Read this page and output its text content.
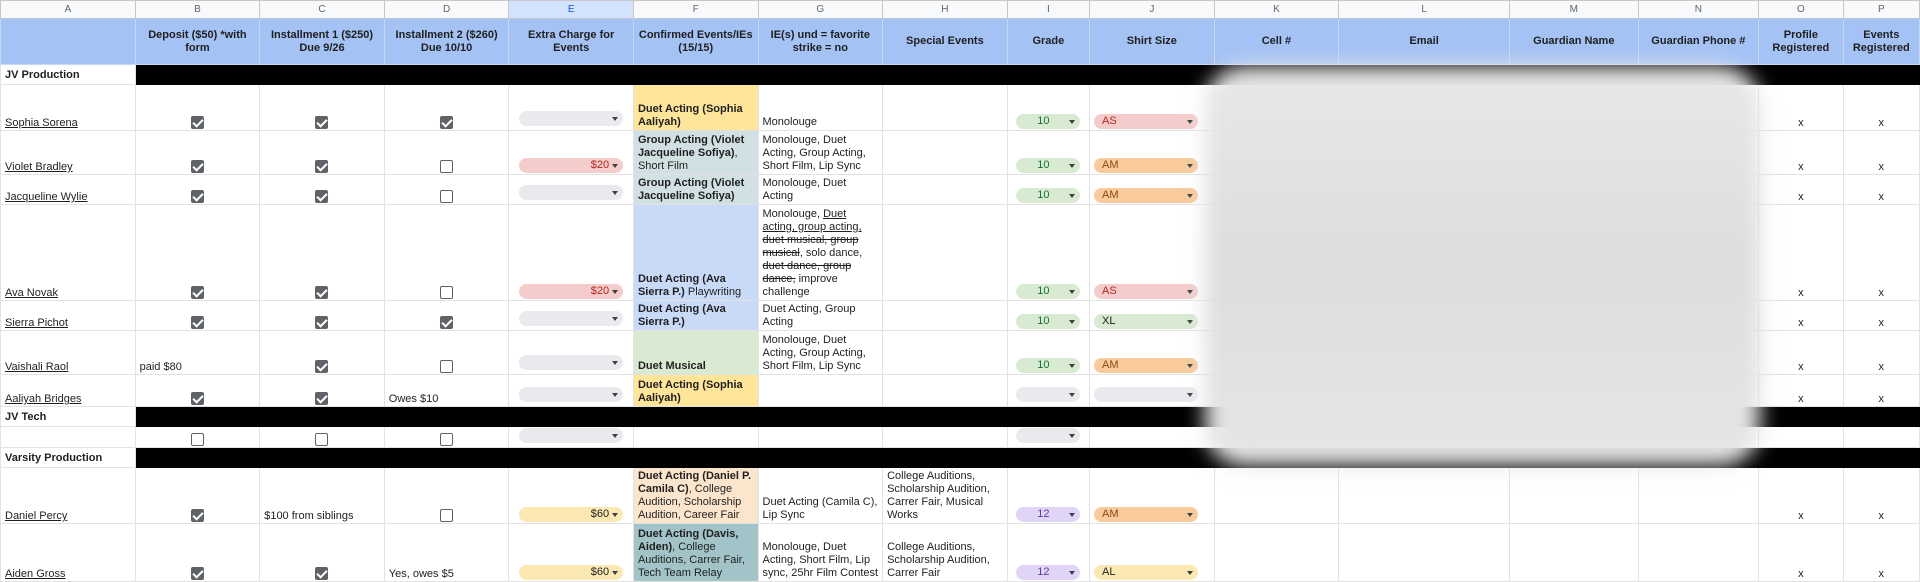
A	B	C	D	E	F	G	H	I	J	K	L	M	N	O	P
	Deposit ($50) *with form	Installment 1 ($250) Due 9/26	Installment 2 ($260) Due 10/10	Extra Charge for Events	Confirmed Events/IEs (15/15)	IE(s) und = favorite strike = no	Special Events	Grade	Shirt Size	Cell #	Email	Guardian Name	Guardian Phone #	Profile Registered	Events Registered
JV Production															
Sophia Sorena					Duet Acting (Sophia Aaliyah)	Monolouge		10	AS					x	x
Violet Bradley				$20	Group Acting (Violet Jacqueline Sofiya), Short Film	Monolouge, Duet Acting, Group Acting, Short Film, Lip Sync		10	AM					x	x
Jacqueline Wylie					Group Acting (Violet Jacqueline Sofiya)	Monolouge, Duet Acting		10	AM					x	x
Ava Novak				$20	Duet Acting (Ava Sierra P.) Playwriting	Monolouge, Duet acting, group acting, duet musical, group musical, solo dance, duet dance, group dance, improve challenge		10	AS					x	x
Sierra Pichot					Duet Acting (Ava Sierra P.)	Duet Acting, Group Acting		10	XL					x	x
Vaishali Raol	paid $80				Duet Musical	Monolouge, Duet Acting, Group Acting, Short Film, Lip Sync		10	AM					x	x
Aaliyah Bridges			Owes $10		Duet Acting (Sophia Aaliyah)									x	x
JV Tech															

Varsity Production															
Daniel Percy		$100 from siblings		$60	Duet Acting (Daniel P. Camila C), College Audition, Scholarship Audition, Career Fair	Duet Acting (Camila C), Lip Sync	College Auditions, Scholarship Audition, Carrer Fair, Musical Works	12	AM					x	x
Aiden Gross			Yes, owes $5	$60	Duet Acting (Davis, Aiden), College Auditions, Carrer Fair, Tech Team Relay	Monolouge, Duet Acting, Short Film, Lip sync, 25hr Film Contest	College Auditions, Scholarship Audition, Carrer Fair	12	AL					x	x
